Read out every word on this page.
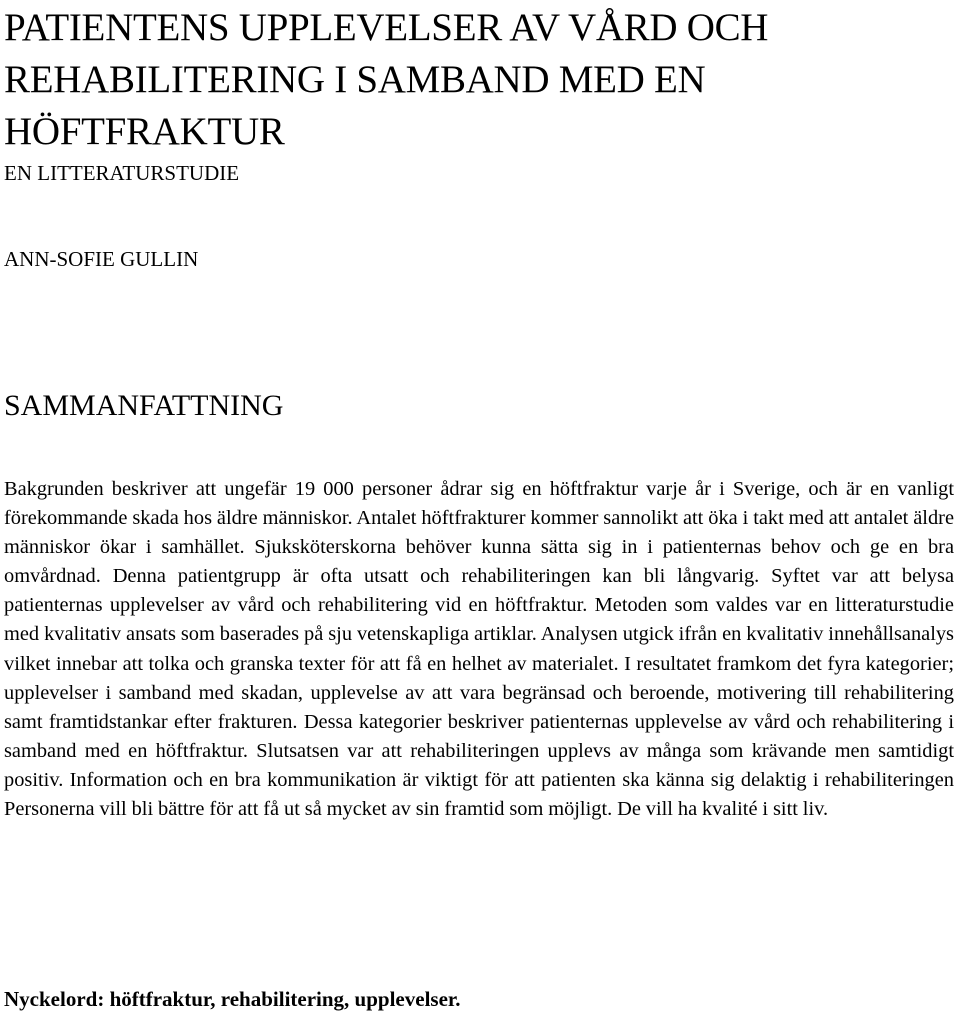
PATIENTENS UPPLEVELSER AV VÅRD OCH REHABILITERING I SAMBAND MED EN HÖFTFRAKTUR

EN LITTERATURSTUDIE

ANN-SOFIE GULLIN

SAMMANFATTNING

Bakgrunden beskriver att ungefär 19 000 personer ådrar sig en höftfraktur varje år i Sverige, och är en vanligt förekommande skada hos äldre människor. Antalet höftfrakturer kommer sannolikt att öka i takt med att antalet äldre människor ökar i samhället. Sjuksköterskorna behöver kunna sätta sig in i patienternas behov och ge en bra omvårdnad. Denna patientgrupp är ofta utsatt och rehabiliteringen kan bli långvarig. Syftet var att belysa patienternas upplevelser av vård och rehabilitering vid en höftfraktur. Metoden som valdes var en litteraturstudie med kvalitativ ansats som baserades på sju vetenskapliga artiklar. Analysen utgick ifrån en kvalitativ innehållsanalys vilket innebar att tolka och granska texter för att få en helhet av materialet. I resultatet framkom det fyra kategorier; upplevelser i samband med skadan, upplevelse av att vara begränsad och beroende, motivering till rehabilitering samt framtidstankar efter frakturen. Dessa kategorier beskriver patienternas upplevelse av vård och rehabilitering i samband med en höftfraktur. Slutsatsen var att rehabiliteringen upplevs av många som krävande men samtidigt positiv. Information och en bra kommunikation är viktigt för att patienten ska känna sig delaktig i rehabiliteringen Personerna vill bli bättre för att få ut så mycket av sin framtid som möjligt. De vill ha kvalité i sitt liv.

Nyckelord: höftfraktur, rehabilitering, upplevelser.
